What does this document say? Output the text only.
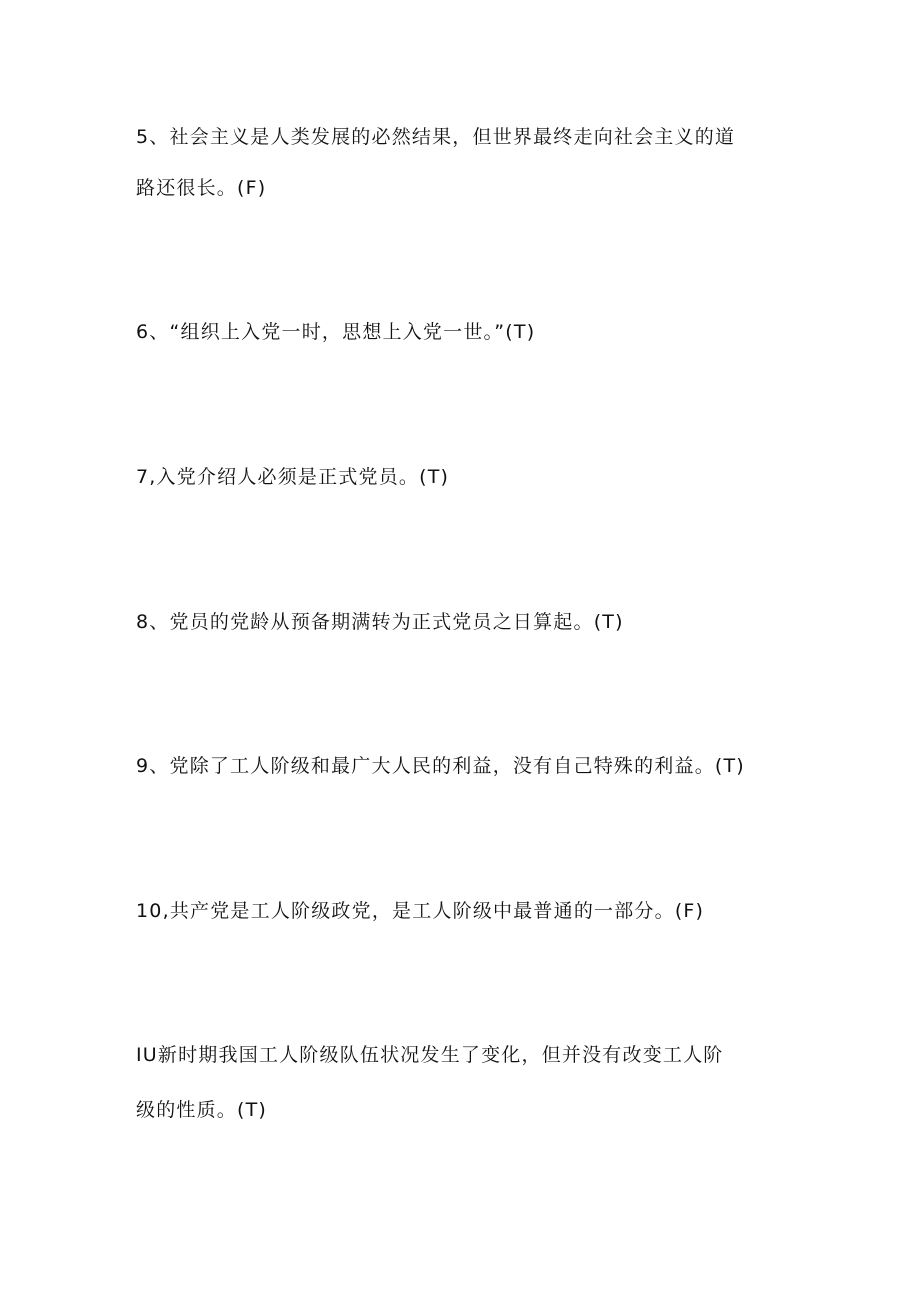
5、社会主义是人类发展的必然结果，但世界最终走向社会主义的道
路还很长。(F)
6、“组织上入党一时，思想上入党一世。”(T)
7,入党介绍人必须是正式党员。(T)
8、党员的党龄从预备期满转为正式党员之日算起。(T)
9、党除了工人阶级和最广大人民的利益，没有自己特殊的利益。(T)
10,共产党是工人阶级政党，是工人阶级中最普通的一部分。(F)
IU新时期我国工人阶级队伍状况发生了变化，但并没有改变工人阶
级的性质。(T)
